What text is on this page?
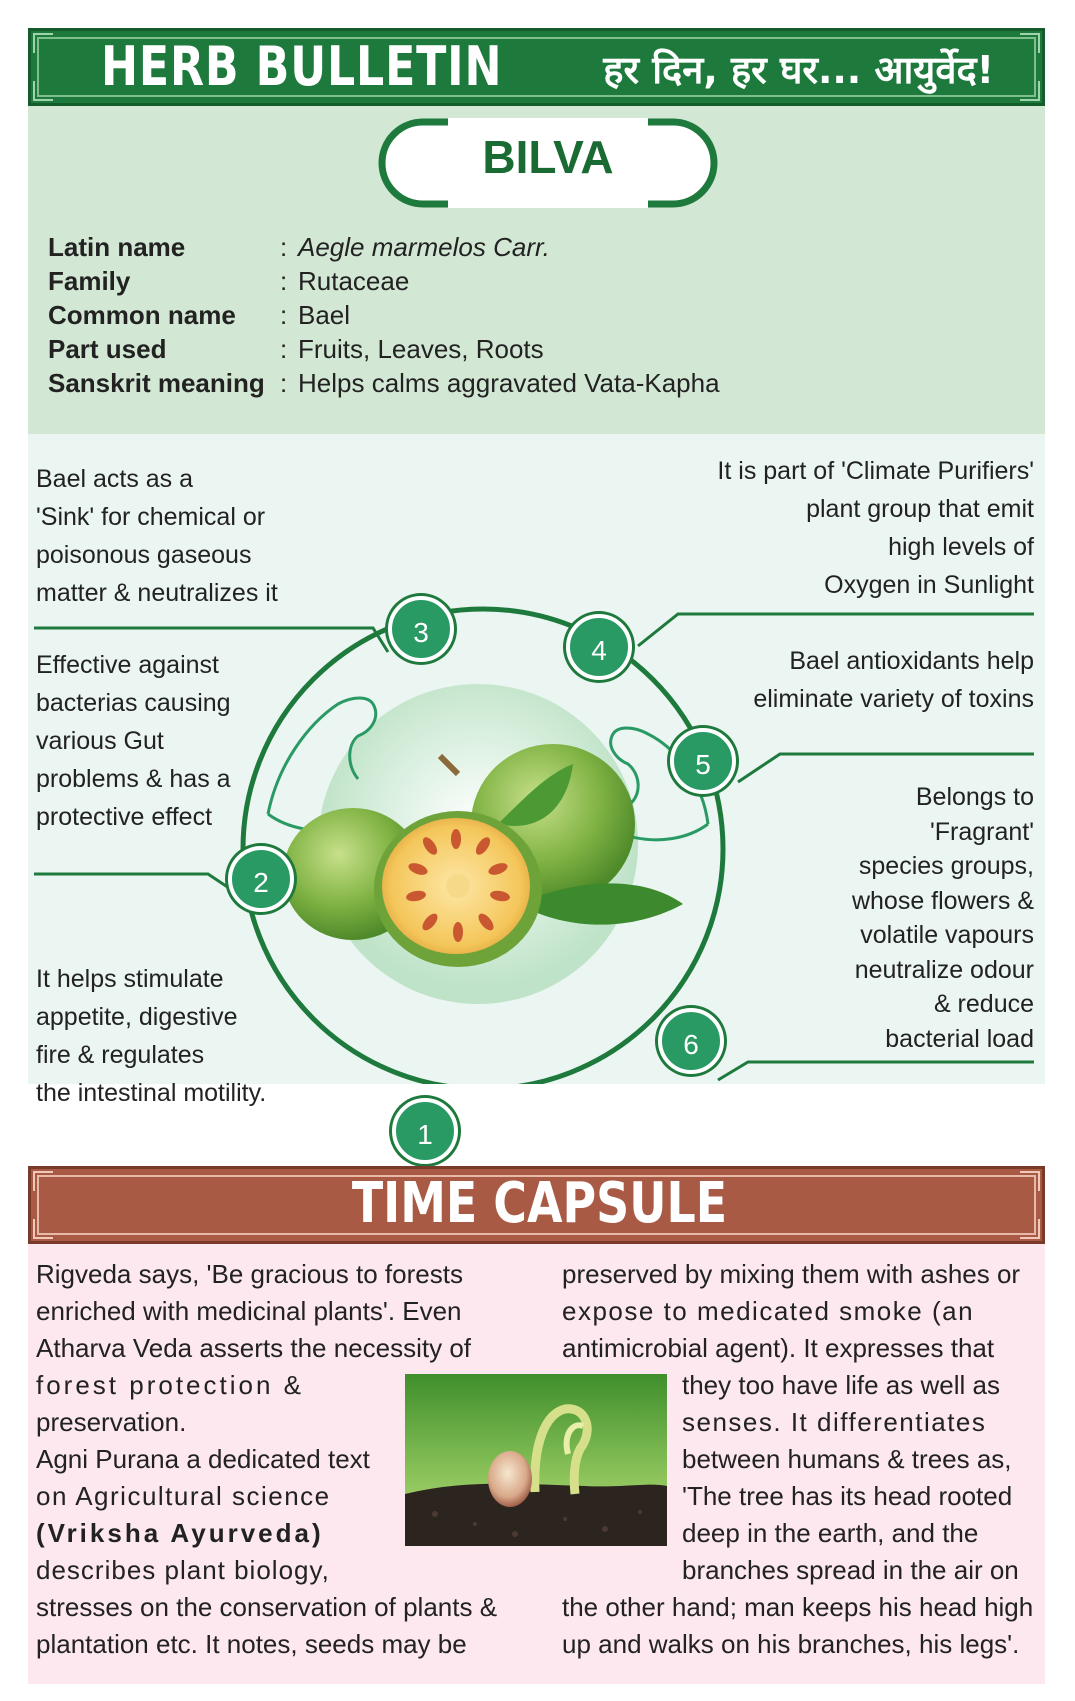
HERB BULLETIN	हर दिन, हर घर... आयुर्वेद!
BILVA
Latin name	: Aegle marmelos Carr.
Family	: Rutaceae
Common name : Bael
Part used	: Fruits, Leaves, Roots
Sanskrit meaning : Helps calms aggravated Vata-Kapha
3
4
5
2
6
1
Bael acts as a
'Sink' for chemical or
poisonous gaseous
matter & neutralizes it
It is part of 'Climate Purifiers'
plant group that emit
high levels of
Oxygen in Sunlight
Effective against
bacterias causing
various Gut
problems & has a
protective effect
Bael antioxidants help
eliminate variety of toxins
Belongs to
'Fragrant'
species groups,
whose flowers &
volatile vapours
neutralize odour
& reduce
bacterial load
It helps stimulate
appetite, digestive
fire & regulates
the intestinal motility.
TIME CAPSULE
Rigveda says, 'Be gracious to forests
enriched with medicinal plants'. Even
Atharva Veda asserts the necessity of
forest protection &
preservation.
Agni Purana a dedicated text
on Agricultural science
(Vriksha Ayurveda)
describes plant biology,
stresses on the conservation of plants &
plantation etc. It notes, seeds may be
preserved by mixing them with ashes or
expose to medicated smoke (an
antimicrobial agent). It expresses that
they too have life as well as
senses. It differentiates
between humans & trees as,
'The tree has its head rooted
deep in the earth, and the
branches spread in the air on
the other hand; man keeps his head high
up and walks on his branches, his legs'.
